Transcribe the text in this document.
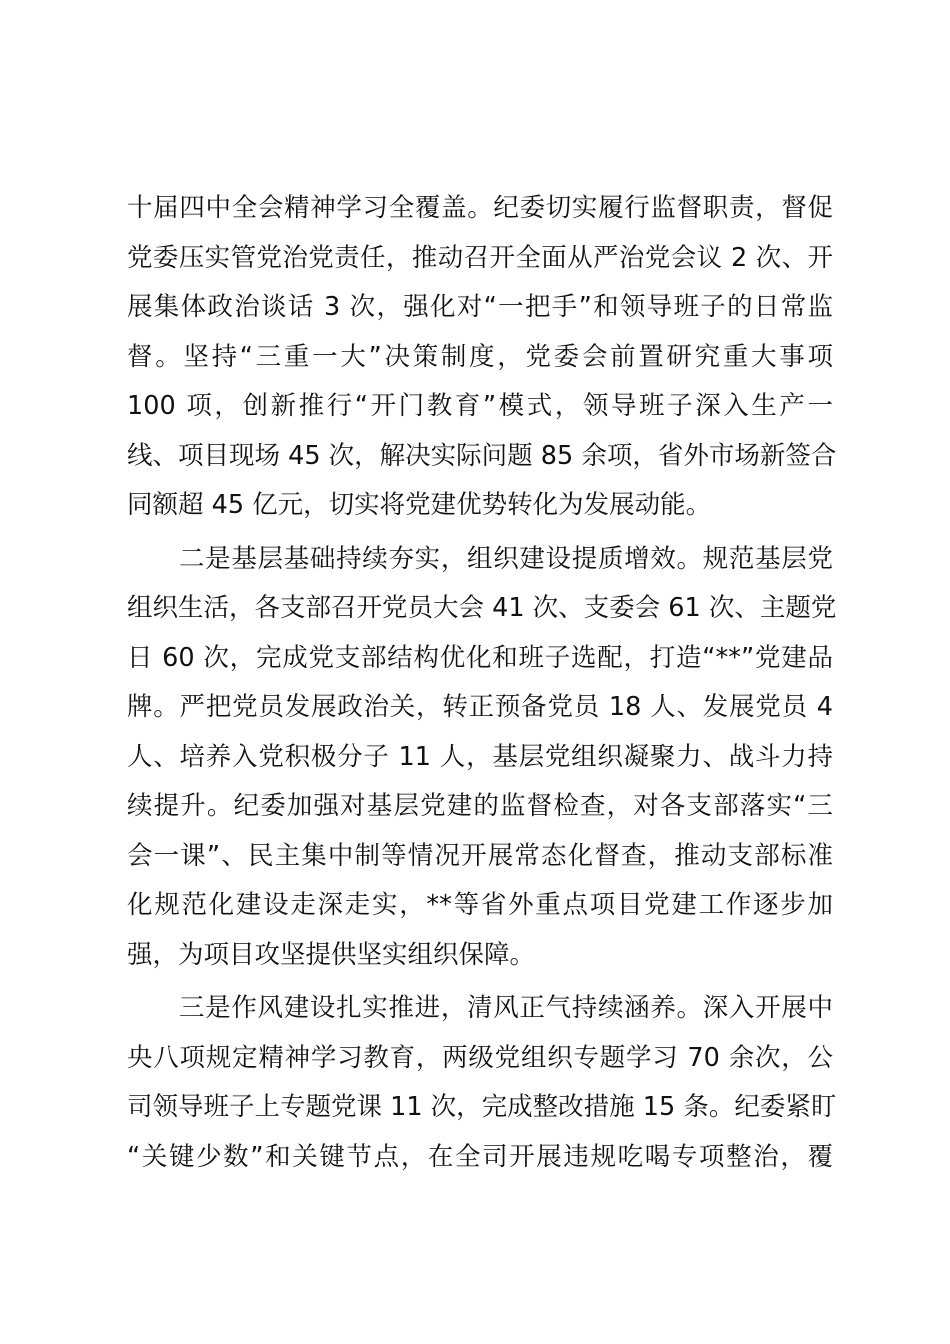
十届四中全会精神学习全覆盖。纪委切实履行监督职责，督促
党委压实管党治党责任，推动召开全面从严治党会议 2 次、开
展集体政治谈话 3 次，强化对“一把手”和领导班子的日常监
督。坚持“三重一大”决策制度，党委会前置研究重大事项
100 项，创新推行“开门教育”模式，领导班子深入生产一
线、项目现场 45 次，解决实际问题 85 余项，省外市场新签合
同额超 45 亿元，切实将党建优势转化为发展动能。
二是基层基础持续夯实，组织建设提质增效。规范基层党
组织生活，各支部召开党员大会 41 次、支委会 61 次、主题党
日 60 次，完成党支部结构优化和班子选配，打造“**”党建品
牌。严把党员发展政治关，转正预备党员 18 人、发展党员 4
人、培养入党积极分子 11 人，基层党组织凝聚力、战斗力持
续提升。纪委加强对基层党建的监督检查，对各支部落实“三
会一课”、民主集中制等情况开展常态化督查，推动支部标准
化规范化建设走深走实，**等省外重点项目党建工作逐步加
强，为项目攻坚提供坚实组织保障。
三是作风建设扎实推进，清风正气持续涵养。深入开展中
央八项规定精神学习教育，两级党组织专题学习 70 余次，公
司领导班子上专题党课 11 次，完成整改措施 15 条。纪委紧盯
“关键少数”和关键节点，在全司开展违规吃喝专项整治，覆
